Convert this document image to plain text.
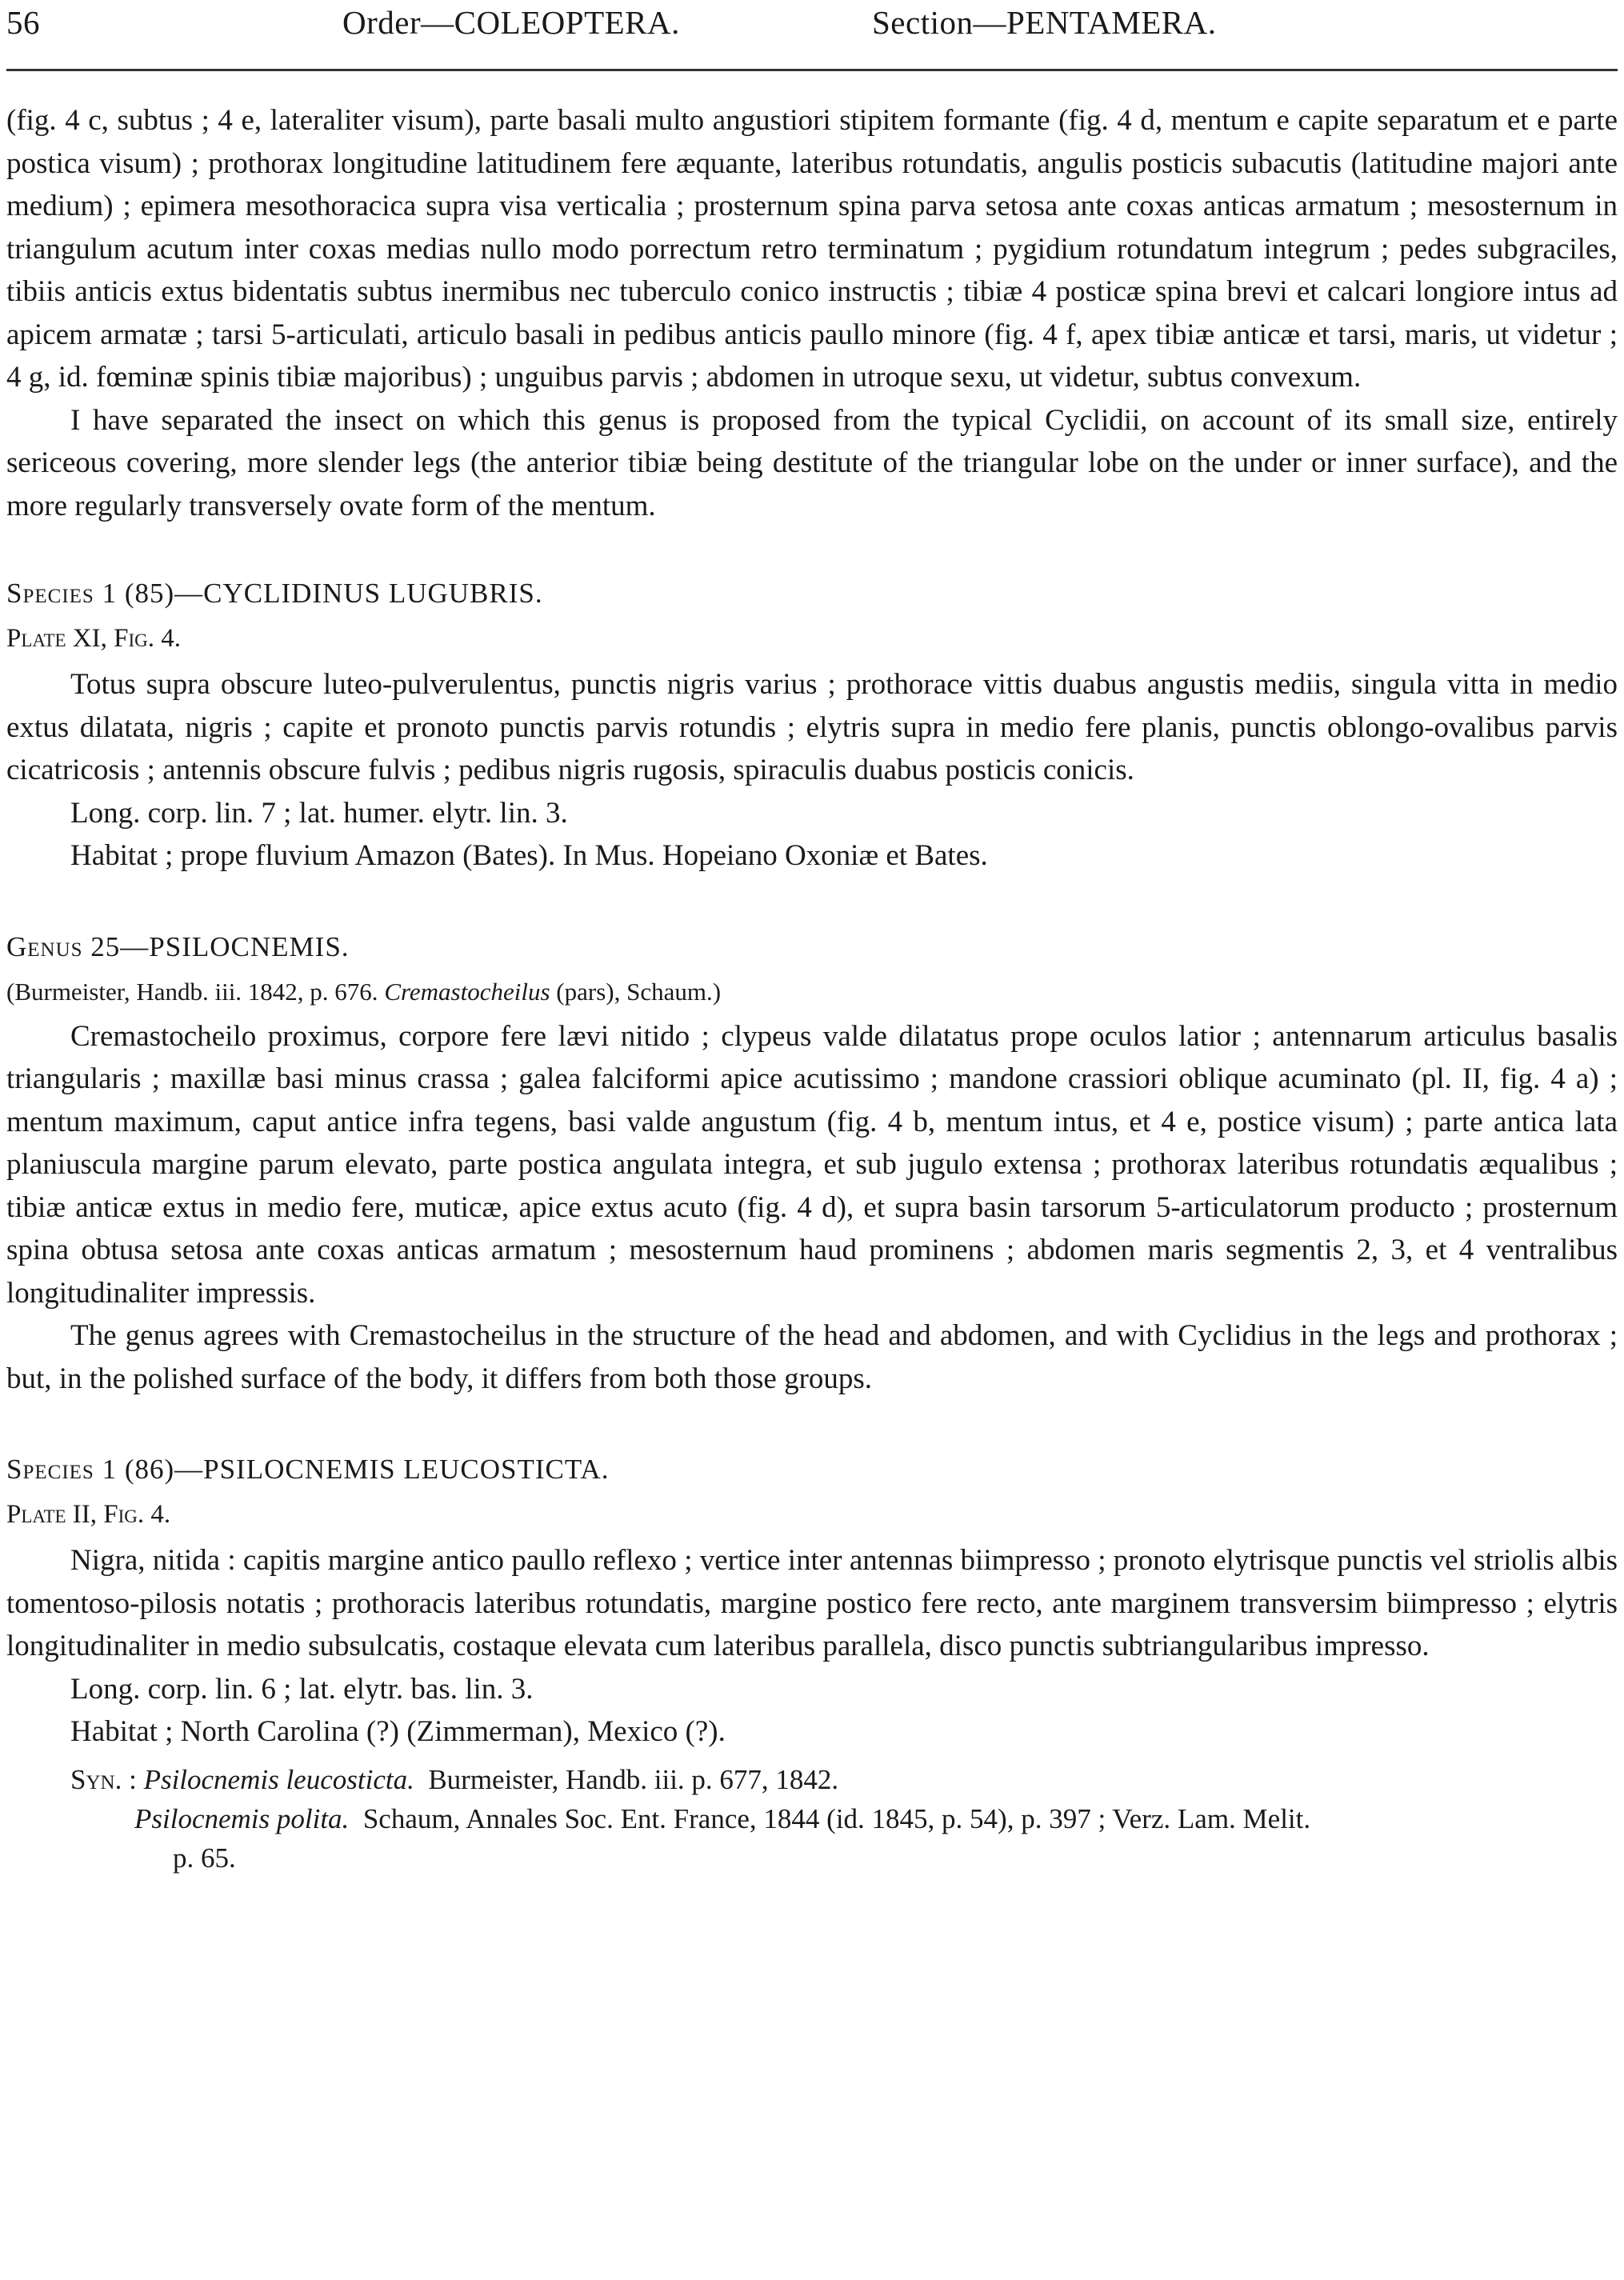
56	Order—COLEOPTERA.	Section—PENTAMERA.

(fig. 4 c, subtus ; 4 e, lateraliter visum), parte basali multo angustiori stipitem formante (fig. 4 d, mentum e capite separatum et e parte postica visum) ; prothorax longitudine latitudinem fere æquante, lateribus rotundatis, angulis posticis subacutis (latitudine majori ante medium) ; epimera mesothoracica supra visa verticalia ; prosternum spina parva setosa ante coxas anticas armatum ; mesosternum in triangulum acutum inter coxas medias nullo modo porrectum retro terminatum ; pygidium rotundatum integrum ; pedes subgraciles, tibiis anticis extus bidentatis subtus inermibus nec tuberculo conico instructis ; tibiæ 4 posticæ spina brevi et calcari longiore intus ad apicem armatæ ; tarsi 5-articulati, articulo basali in pedibus anticis paullo minore (fig. 4 f, apex tibiæ anticæ et tarsi, maris, ut videtur ; 4 g, id. fœminæ spinis tibiæ majoribus) ; unguibus parvis ; abdomen in utroque sexu, ut videtur, subtus convexum.

I have separated the insect on which this genus is proposed from the typical Cyclidii, on account of its small size, entirely sericeous covering, more slender legs (the anterior tibiæ being destitute of the triangular lobe on the under or inner surface), and the more regularly transversely ovate form of the mentum.

Species 1 (85)—CYCLIDINUS LUGUBRIS.

Plate XI, Fig. 4.

Totus supra obscure luteo-pulverulentus, punctis nigris varius ; prothorace vittis duabus angustis mediis, singula vitta in medio extus dilatata, nigris ; capite et pronoto punctis parvis rotundis ; elytris supra in medio fere planis, punctis oblongo-ovalibus parvis cicatricosis ; antennis obscure fulvis ; pedibus nigris rugosis, spiraculis duabus posticis conicis.

Long. corp. lin. 7 ; lat. humer. elytr. lin. 3.

Habitat ; prope fluvium Amazon (Bates). In Mus. Hopeiano Oxoniæ et Bates.

Genus 25—PSILOCNEMIS.

(Burmeister, Handb. iii. 1842, p. 676. Cremastocheilus (pars), Schaum.)

Cremastocheilo proximus, corpore fere lævi nitido ; clypeus valde dilatatus prope oculos latior ; antennarum articulus basalis triangularis ; maxillæ basi minus crassa ; galea falciformi apice acutissimo ; mandone crassiori oblique acuminato (pl. II, fig. 4 a) ; mentum maximum, caput antice infra tegens, basi valde angustum (fig. 4 b, mentum intus, et 4 e, postice visum) ; parte antica lata planiuscula margine parum elevato, parte postica angulata integra, et sub jugulo extensa ; prothorax lateribus rotundatis æqualibus ; tibiæ anticæ extus in medio fere, muticæ, apice extus acuto (fig. 4 d), et supra basin tarsorum 5-articulatorum producto ; prosternum spina obtusa setosa ante coxas anticas armatum ; mesosternum haud prominens ; abdomen maris segmentis 2, 3, et 4 ventralibus longitudinaliter impressis.

The genus agrees with Cremastocheilus in the structure of the head and abdomen, and with Cyclidius in the legs and prothorax ; but, in the polished surface of the body, it differs from both those groups.

Species 1 (86)—PSILOCNEMIS LEUCOSTICTA.

Plate II, Fig. 4.

Nigra, nitida : capitis margine antico paullo reflexo ; vertice inter antennas biimpresso ; pronoto elytrisque punctis vel striolis albis tomentoso-pilosis notatis ; prothoracis lateribus rotundatis, margine postico fere recto, ante marginem transversim biimpresso ; elytris longitudinaliter in medio subsulcatis, costaque elevata cum lateribus parallela, disco punctis subtriangularibus impresso.

Long. corp. lin. 6 ; lat. elytr. bas. lin. 3.

Habitat ; North Carolina (?) (Zimmerman), Mexico (?).

Syn. : Psilocnemis leucosticta. Burmeister, Handb. iii. p. 677, 1842.

Psilocnemis polita. Schaum, Annales Soc. Ent. France, 1844 (id. 1845, p. 54), p. 397 ; Verz. Lam. Melit.
p. 65.
